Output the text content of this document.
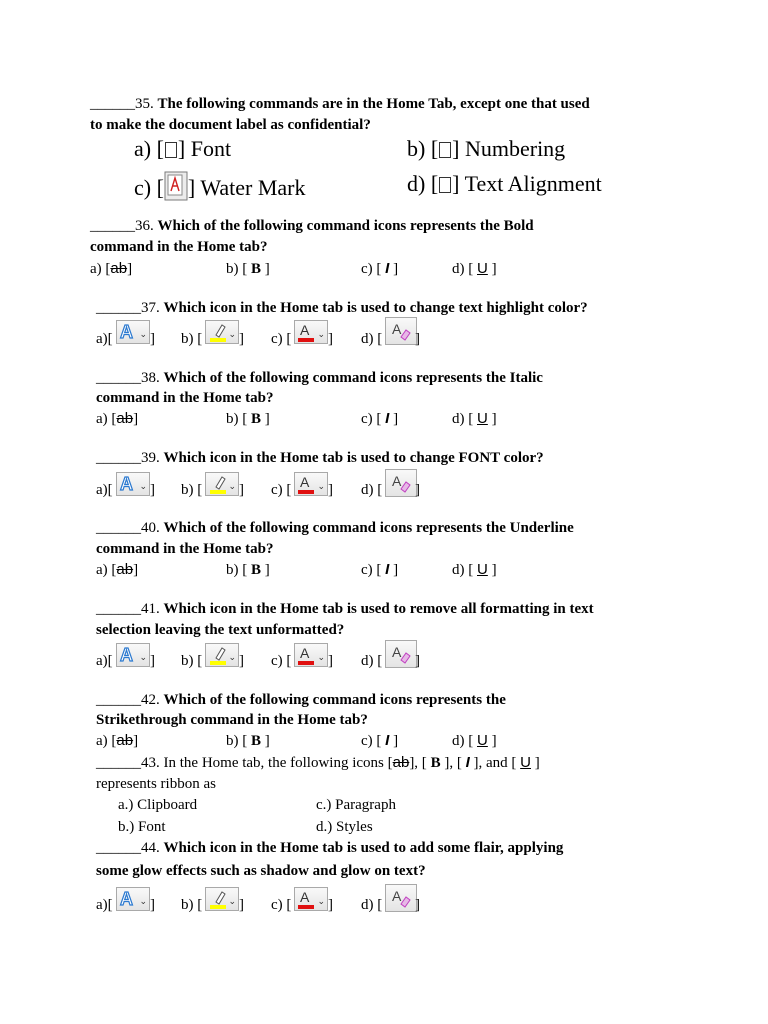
______35. The following commands are in the Home Tab, except one that used
to make the document label as confidential?
a) [ ] Font	b) [ ] Numbering
c) [ ] Water Mark	d) [ ] Text Alignment
______36. Which of the following command icons represents the Bold
command in the Home tab?
a) [ab]	b) [ B ]	c) [ I ]	d) [ U ]
______37. Which icon in the Home tab is used to change text highlight color?
a)[ A ⌄ ] b) [	⌄ ] c) [
A ⌄ ] d) [
A
]
______38. Which of the following command icons represents the Italic
command in the Home tab?
a) [ab]	b) [ B ]	c) [ I ]	d) [ U ]
______39. Which icon in the Home tab is used to change FONT color?
a)[ A ⌄ ] b) [	⌄ ] c) [ A ⌄ ] d) [
A
]
______40. Which of the following command icons represents the Underline
command in the Home tab?
a) [ab]	b) [ B ]	c) [ I ]	d) [ U ]
______41. Which icon in the Home tab is used to remove all formatting in text
selection leaving the text unformatted?
a)[ A ⌄ ] b) [	⌄ ] c) [ A ⌄ ] d) [
A
]
______42. Which of the following command icons represents the
Strikethrough command in the Home tab?
a) [ab]	b) [ B ]	c) [ I ]	d) [ U ]
______43. In the Home tab, the following icons [ab], [ B ], [ I ], and [ U ]
represents ribbon as
a.) Clipboard	c.) Paragraph
b.) Font	d.) Styles
______44. Which icon in the Home tab is used to add some flair, applying
some glow effects such as shadow and glow on text?
a)[ A ⌄ ] b) [	⌄ ] c) [ A ⌄ ] d) [
A
]
